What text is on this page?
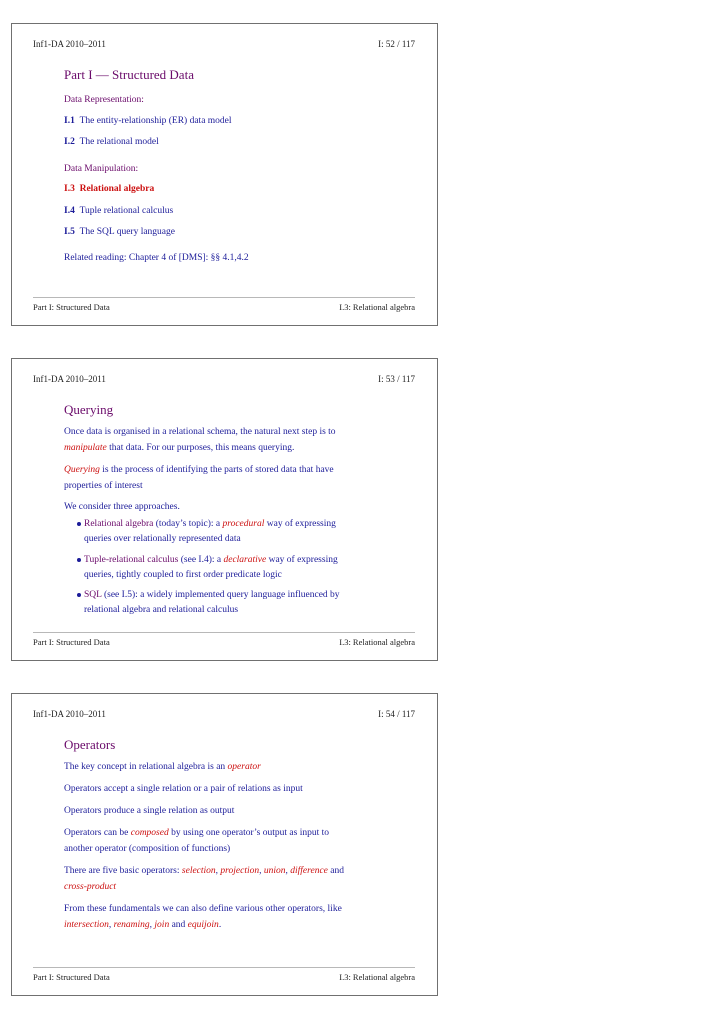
Inf1-DA 2010–2011	I: 52 / 117
Part I — Structured Data
Data Representation:
I.1 The entity-relationship (ER) data model
I.2 The relational model
Data Manipulation:
I.3 Relational algebra
I.4 Tuple relational calculus
I.5 The SQL query language
Related reading: Chapter 4 of [DMS]: §§ 4.1,4.2
Part I: Structured Data	I.3: Relational algebra
Inf1-DA 2010–2011	I: 53 / 117
Querying
Once data is organised in a relational schema, the natural next step is to
manipulate that data. For our purposes, this means querying.
Querying is the process of identifying the parts of stored data that have
properties of interest
We consider three approaches.
Relational algebra (today’s topic): a procedural way of expressing
queries over relationally represented data
Tuple-relational calculus (see I.4): a declarative way of expressing
queries, tightly coupled to first order predicate logic
SQL (see I.5): a widely implemented query language influenced by
relational algebra and relational calculus
Part I: Structured Data	I.3: Relational algebra
Inf1-DA 2010–2011	I: 54 / 117
Operators
The key concept in relational algebra is an operator
Operators accept a single relation or a pair of relations as input
Operators produce a single relation as output
Operators can be composed by using one operator’s output as input to
another operator (composition of functions)
There are five basic operators: selection, projection, union, difference and
cross-product
From these fundamentals we can also define various other operators, like
intersection, renaming, join and equijoin.
Part I: Structured Data	I.3: Relational algebra
